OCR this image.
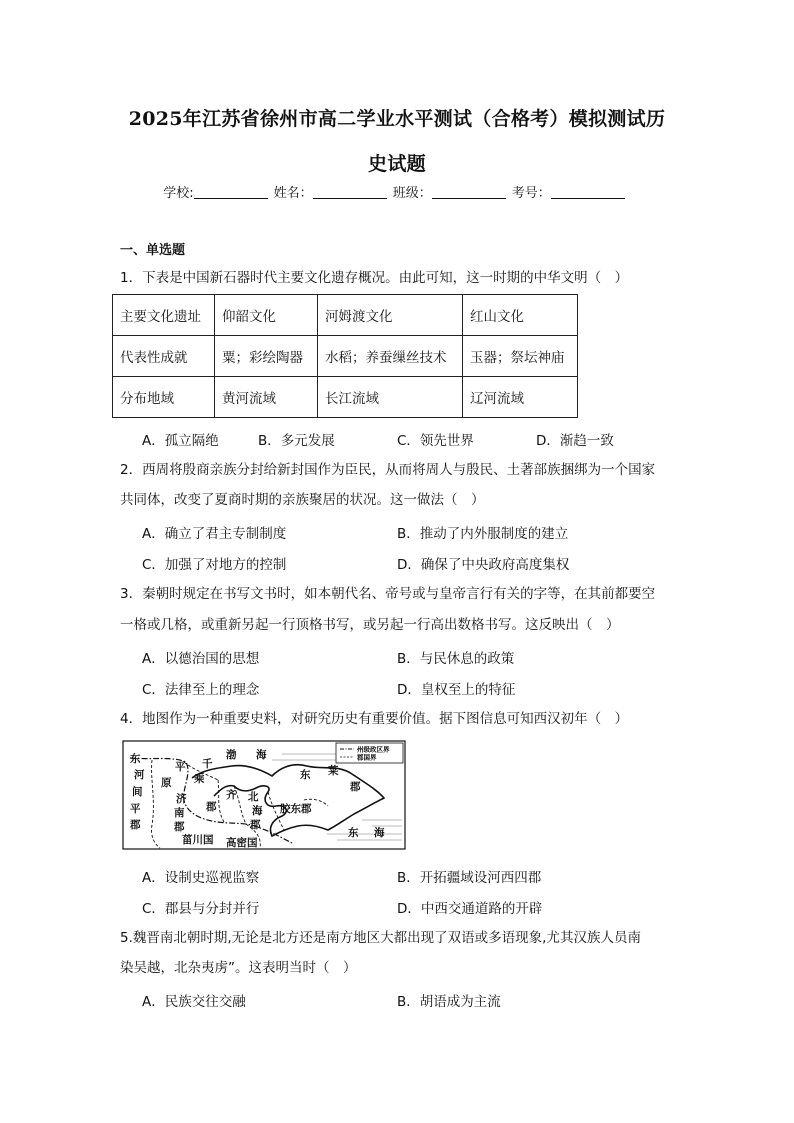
2025年江苏省徐州市高二学业水平测试（合格考）模拟测试历
史试题
学校:	姓名：	班级：	考号：
一、单选题
1．下表是中国新石器时代主要文化遗存概况。由此可知，这一时期的中华文明（　）
主要文化遗址	仰韶文化	河姆渡文化	红山文化
代表性成就	粟；彩绘陶器	水稻；养蚕缫丝技术	玉器；祭坛神庙
分布地域	黄河流域	长江流域	辽河流域
A．孤立隔绝	B．多元发展	C．领先世界	D．渐趋一致
2．西周将殷商亲族分封给新封国作为臣民，从而将周人与殷民、土著部族捆绑为一个国家
共同体，改变了夏商时期的亲族聚居的状况。这一做法（　）
A．确立了君主专制制度	B．推动了内外服制度的建立
C．加强了对地方的控制	D．确保了中央政府高度集权
3．秦朝时规定在书写文书时，如本朝代名、帝号或与皇帝言行有关的字等，在其前都要空
一格或几格，或重新另起一行顶格书写，或另起一行高出数格书写。这反映出（　）
A．以德治国的思想	B．与民休息的政策
C．法律至上的理念	D．皇权至上的特征
4．地图作为一种重要史料，对研究历史有重要价值。据下图信息可知西汉初年（　）
州级政区界
郡国界
河
间
平
原
千
乘
渤 海
东 莱
郡
济
南
郡
郡
齐 北
海
郡
胶东郡
东 海
菑川国 高密国
东
平
郡
A．设制史巡视监察	B．开拓疆域设河西四郡
C．郡县与分封并行	D．中西交通道路的开辟
5.魏晋南北朝时期,无论是北方还是南方地区大都出现了双语或多语现象,尤其汉族人员南
染吴越，北杂夷虏”。这表明当时（　）
A．民族交往交融	B．胡语成为主流
